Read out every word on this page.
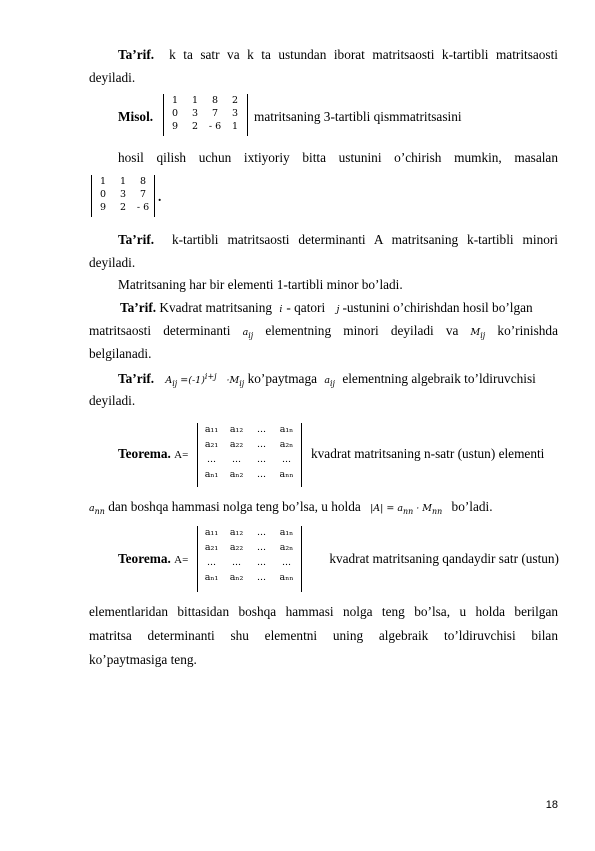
Ta’rif. k ta satr va k ta ustundan iborat matritsaosti k-tartibli matritsaosti
deyiladi.
Misol.
1	1	8	2
0	3	7	3
9	2	- 6	1
matritsaning 3-tartibli qismmatritsasini
hosil qilish uchun ixtiyoriy bitta ustunini o’chirish mumkin, masalan
1	1	8
0	3	7
9	2	- 6
.
Ta’rif. k-tartibli matritsaosti determinanti A matritsaning k-tartibli minori
deyiladi.
Matritsaning har bir elementi 1-tartibli minor bo’ladi.
Ta’rif. Kvadrat matritsaning i - qatori j -ustunini o’chirishdan hosil bo’lgan
matritsaosti determinanti $a_{ij}$ elementning minori deyiladi va $M_{ij}$ ko’rinishda
belgilanadi.
Ta’rif. $A_{ij} =(-1)^{i+j} \cdot M_{ij}$ ko’paytmaga $a_{ij}$ elementning algebraik to’ldiruvchisi
deyiladi.
Teorema. A=
a₁₁	a₁₂	...	a₁ₙ
a₂₁	a₂₂	...	a₂ₙ
...	...	...	...
aₙ₁	aₙ₂	...	aₙₙ
kvadrat matritsaning n-satr (ustun) elementi
$a_{nn}$ dan boshqa hammasi nolga teng bo’lsa, u holda $|A| = a_{nn} \cdot M_{nn}$ bo’ladi.
Teorema. A=
a₁₁	a₁₂	...	a₁ₙ
a₂₁	a₂₂	...	a₂ₙ
...	...	...	...
aₙ₁	aₙ₂	...	aₙₙ
kvadrat matritsaning qandaydir satr (ustun)
elementlaridan bittasidan boshqa hammasi nolga teng bo’lsa, u holda berilgan
matritsa determinanti shu elementni uning algebraik to’ldiruvchisi bilan
ko’paytmasiga teng.
18
